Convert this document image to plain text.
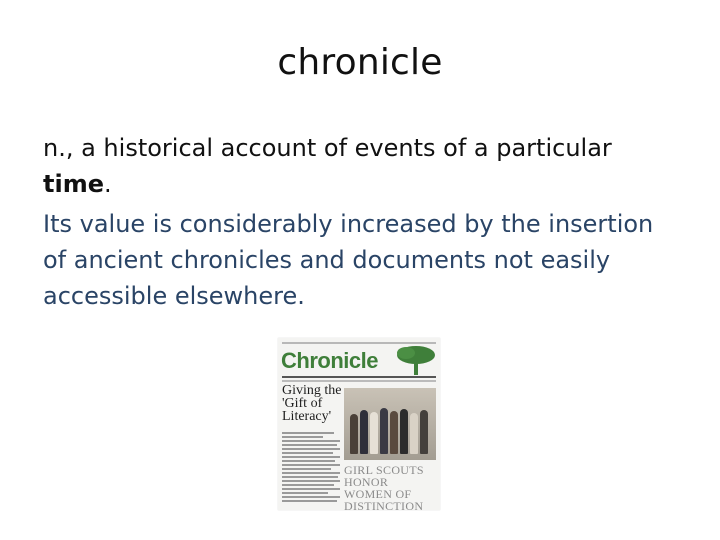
chronicle

n., a historical account of events of a particular time.

Its value is considerably increased by the insertion of ancient chronicles and documents not easily accessible elsewhere.

Chronicle
Giving the 'Gift of Literacy'
GIRL SCOUTS HONOR WOMEN OF DISTINCTION
